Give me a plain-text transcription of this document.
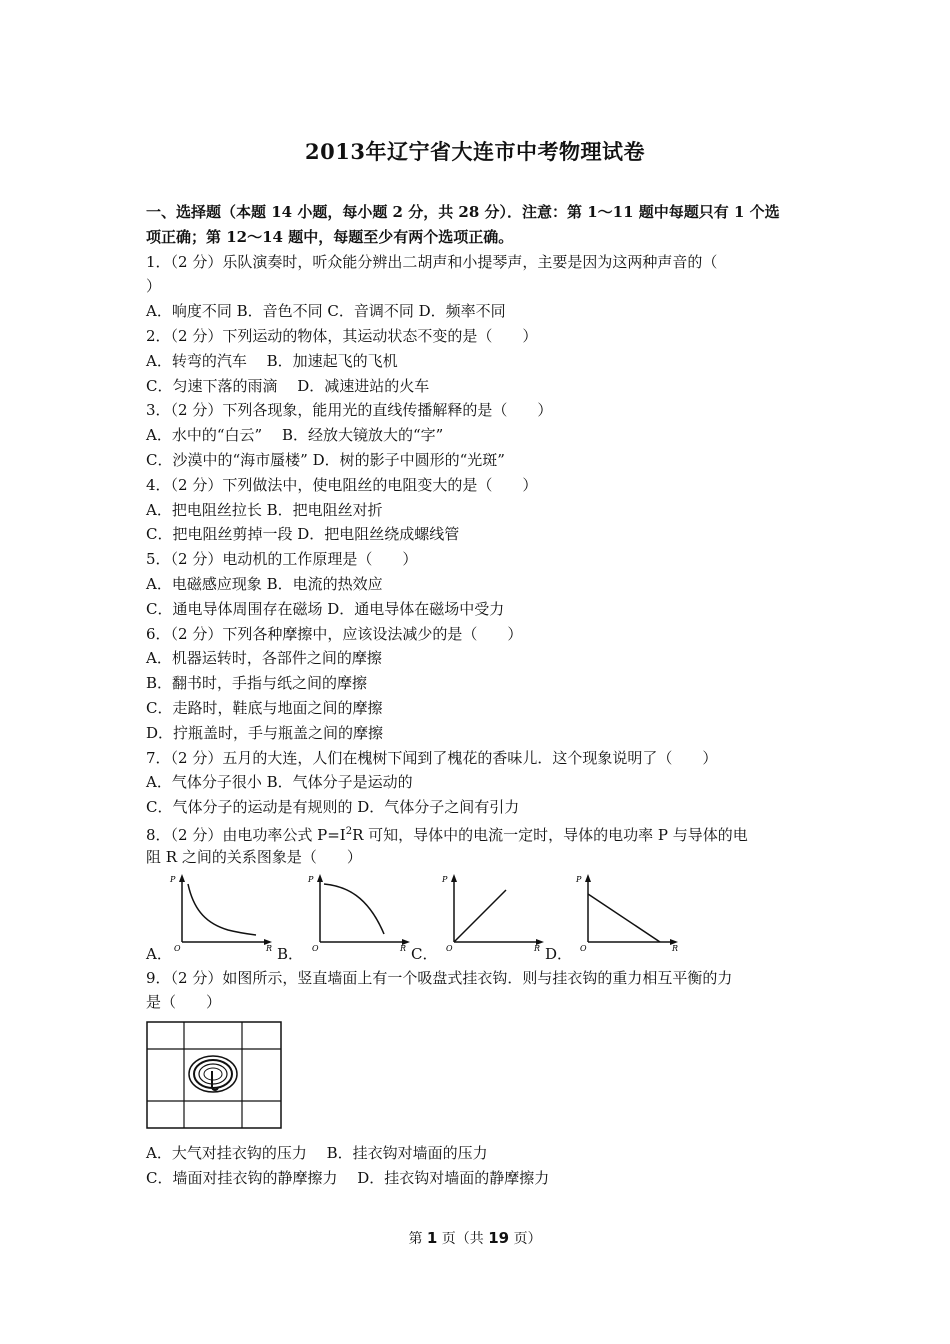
2013年辽宁省大连市中考物理试卷
一、选择题（本题 14 小题，每小题 2 分，共 28 分）．注意：第 1～11 题中每题只有 1 个选
项正确；第 12～14 题中，每题至少有两个选项正确。
1．（2 分）乐队演奏时，听众能分辨出二胡声和小提琴声，主要是因为这两种声音的（
）
A．响度不同 B．音色不同 C．音调不同 D．频率不同
2．（2 分）下列运动的物体，其运动状态不变的是（　　）
A．转弯的汽车　 B．加速起飞的飞机
C．匀速下落的雨滴　 D．减速进站的火车
3．（2 分）下列各现象，能用光的直线传播解释的是（　　）
A．水中的“白云”　 B．经放大镜放大的“字”
C．沙漠中的“海市蜃楼” D．树的影子中圆形的“光斑”
4．（2 分）下列做法中，使电阻丝的电阻变大的是（　　）
A．把电阻丝拉长 B．把电阻丝对折
C．把电阻丝剪掉一段 D．把电阻丝绕成螺线管
5．（2 分）电动机的工作原理是（　　）
A．电磁感应现象 B．电流的热效应
C．通电导体周围存在磁场 D．通电导体在磁场中受力
6．（2 分）下列各种摩擦中，应该设法减少的是（　　）
A．机器运转时，各部件之间的摩擦
B．翻书时，手指与纸之间的摩擦
C．走路时，鞋底与地面之间的摩擦
D．拧瓶盖时，手与瓶盖之间的摩擦
7．（2 分）五月的大连，人们在槐树下闻到了槐花的香味儿．这个现象说明了（　　）
A．气体分子很小 B．气体分子是运动的
C．气体分子的运动是有规则的 D．气体分子之间有引力
8．（2 分）由电功率公式 $P=I^2R$ 可知，导体中的电流一定时，导体的电功率 P 与导体的电
阻 R 之间的关系图象是（　　）
A．
P
O	R B．
P
O	R C．
P
O	R D．
P
O	R
9．（2 分）如图所示，竖直墙面上有一个吸盘式挂衣钩．则与挂衣钩的重力相互平衡的力
是（　　）
A．大气对挂衣钩的压力　 B．挂衣钩对墙面的压力
C．墙面对挂衣钩的静摩擦力　 D．挂衣钩对墙面的静摩擦力
第 1 页（共 19 页）
